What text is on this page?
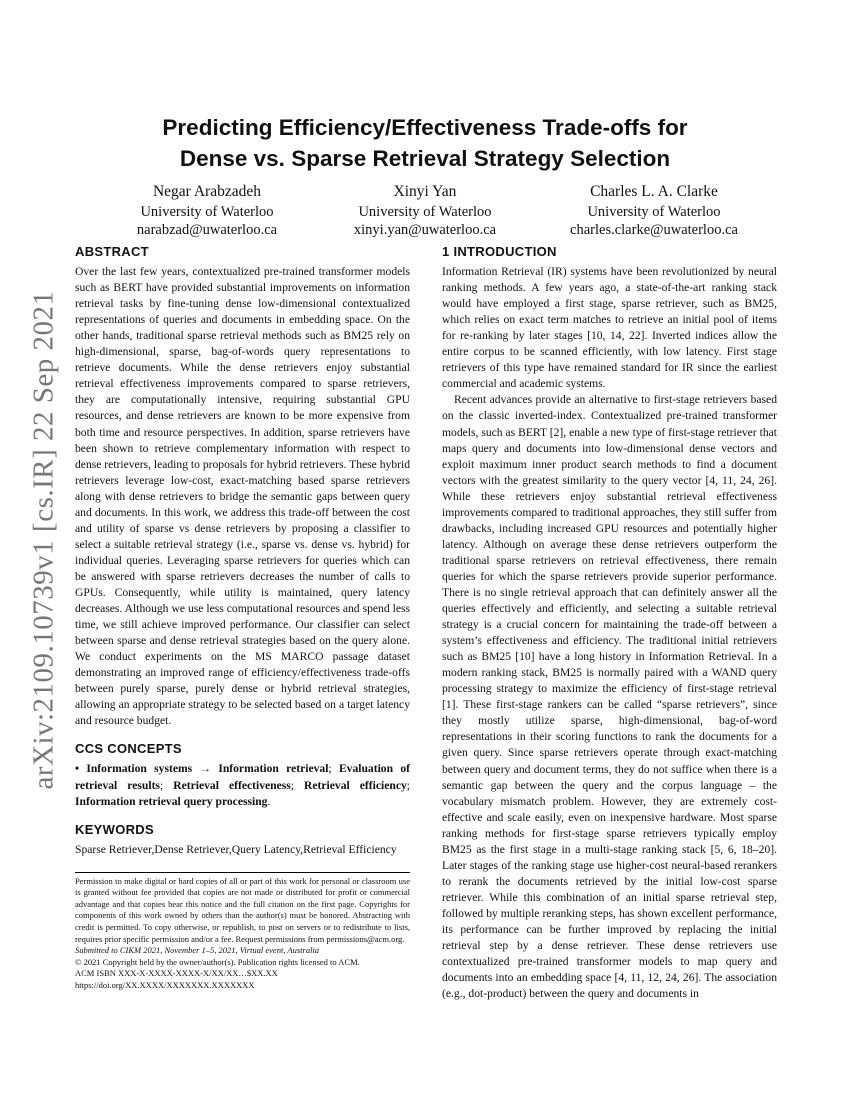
arXiv:2109.10739v1 [cs.IR] 22 Sep 2021
Predicting Efficiency/Effectiveness Trade-offs for
Dense vs. Sparse Retrieval Strategy Selection
Negar Arabzadeh
University of Waterloo
narabzad@uwaterloo.ca
Xinyi Yan
University of Waterloo
xinyi.yan@uwaterloo.ca
Charles L. A. Clarke
University of Waterloo
charles.clarke@uwaterloo.ca
ABSTRACT

Over the last few years, contextualized pre-trained transformer models such as BERT have provided substantial improvements on information retrieval tasks by fine-tuning dense low-dimensional contextualized representations of queries and documents in embedding space. On the other hands, traditional sparse retrieval methods such as BM25 rely on high-dimensional, sparse, bag-of-words query representations to retrieve documents. While the dense retrievers enjoy substantial retrieval effectiveness improvements compared to sparse retrievers, they are computationally intensive, requiring substantial GPU resources, and dense retrievers are known to be more expensive from both time and resource perspectives. In addition, sparse retrievers have been shown to retrieve complementary information with respect to dense retrievers, leading to proposals for hybrid retrievers. These hybrid retrievers leverage low-cost, exact-matching based sparse retrievers along with dense retrievers to bridge the semantic gaps between query and documents. In this work, we address this trade-off between the cost and utility of sparse vs dense retrievers by proposing a classifier to select a suitable retrieval strategy (i.e., sparse vs. dense vs. hybrid) for individual queries. Leveraging sparse retrievers for queries which can be answered with sparse retrievers decreases the number of calls to GPUs. Consequently, while utility is maintained, query latency decreases. Although we use less computational resources and spend less time, we still achieve improved performance. Our classifier can select between sparse and dense retrieval strategies based on the query alone. We conduct experiments on the MS MARCO passage dataset demonstrating an improved range of efficiency/effectiveness trade-offs between purely sparse, purely dense or hybrid retrieval strategies, allowing an appropriate strategy to be selected based on a target latency and resource budget.

CCS CONCEPTS

• Information systems → Information retrieval; Evaluation of retrieval results; Retrieval effectiveness; Retrieval efficiency; Information retrieval query processing.

KEYWORDS

Sparse Retriever,Dense Retriever,Query Latency,Retrieval Efficiency

Permission to make digital or hard copies of all or part of this work for personal or classroom use is granted without fee provided that copies are not made or distributed for profit or commercial advantage and that copies bear this notice and the full citation on the first page. Copyrights for components of this work owned by others than the author(s) must be honored. Abstracting with credit is permitted. To copy otherwise, or republish, to post on servers or to redistribute to lists, requires prior specific permission and/or a fee. Request permissions from permissions@acm.org.
Submitted to CIKM 2021, November 1–5, 2021, Virtual event, Australia
© 2021 Copyright held by the owner/author(s). Publication rights licensed to ACM.
ACM ISBN XXX-X-XXXX-XXXX-X/XX/XX…$XX.XX
https://doi.org/XX.XXXX/XXXXXXX.XXXXXXX
1 INTRODUCTION

Information Retrieval (IR) systems have been revolutionized by neural ranking methods. A few years ago, a state-of-the-art ranking stack would have employed a first stage, sparse retriever, such as BM25, which relies on exact term matches to retrieve an initial pool of items for re-ranking by later stages [10, 14, 22]. Inverted indices allow the entire corpus to be scanned efficiently, with low latency. First stage retrievers of this type have remained standard for IR since the earliest commercial and academic systems.

Recent advances provide an alternative to first-stage retrievers based on the classic inverted-index. Contextualized pre-trained transformer models, such as BERT [2], enable a new type of first-stage retriever that maps query and documents into low-dimensional dense vectors and exploit maximum inner product search methods to find a document vectors with the greatest similarity to the query vector [4, 11, 24, 26]. While these retrievers enjoy substantial retrieval effectiveness improvements compared to traditional approaches, they still suffer from drawbacks, including increased GPU resources and potentially higher latency. Although on average these dense retrievers outperform the traditional sparse retrievers on retrieval effectiveness, there remain queries for which the sparse retrievers provide superior performance. There is no single retrieval approach that can definitely answer all the queries effectively and efficiently, and selecting a suitable retrieval strategy is a crucial concern for maintaining the trade-off between a system’s effectiveness and efficiency. The traditional initial retrievers such as BM25 [10] have a long history in Information Retrieval. In a modern ranking stack, BM25 is normally paired with a WAND query processing strategy to maximize the efficiency of first-stage retrieval [1]. These first-stage rankers can be called “sparse retrievers”, since they mostly utilize sparse, high-dimensional, bag-of-word representations in their scoring functions to rank the documents for a given query. Since sparse retrievers operate through exact-matching between query and document terms, they do not suffice when there is a semantic gap between the query and the corpus language – the vocabulary mismatch problem. However, they are extremely cost-effective and scale easily, even on inexpensive hardware. Most sparse ranking methods for first-stage sparse retrievers typically employ BM25 as the first stage in a multi-stage ranking stack [5, 6, 18–20]. Later stages of the ranking stage use higher-cost neural-based rerankers to rerank the documents retrieved by the initial low-cost sparse retriever. While this combination of an initial sparse retrieval step, followed by multiple reranking steps, has shown excellent performance, its performance can be further improved by replacing the initial retrieval step by a dense retriever. These dense retrievers use contextualized pre-trained transformer models to map query and documents into an embedding space [4, 11, 12, 24, 26]. The association (e.g., dot-product) between the query and documents in
